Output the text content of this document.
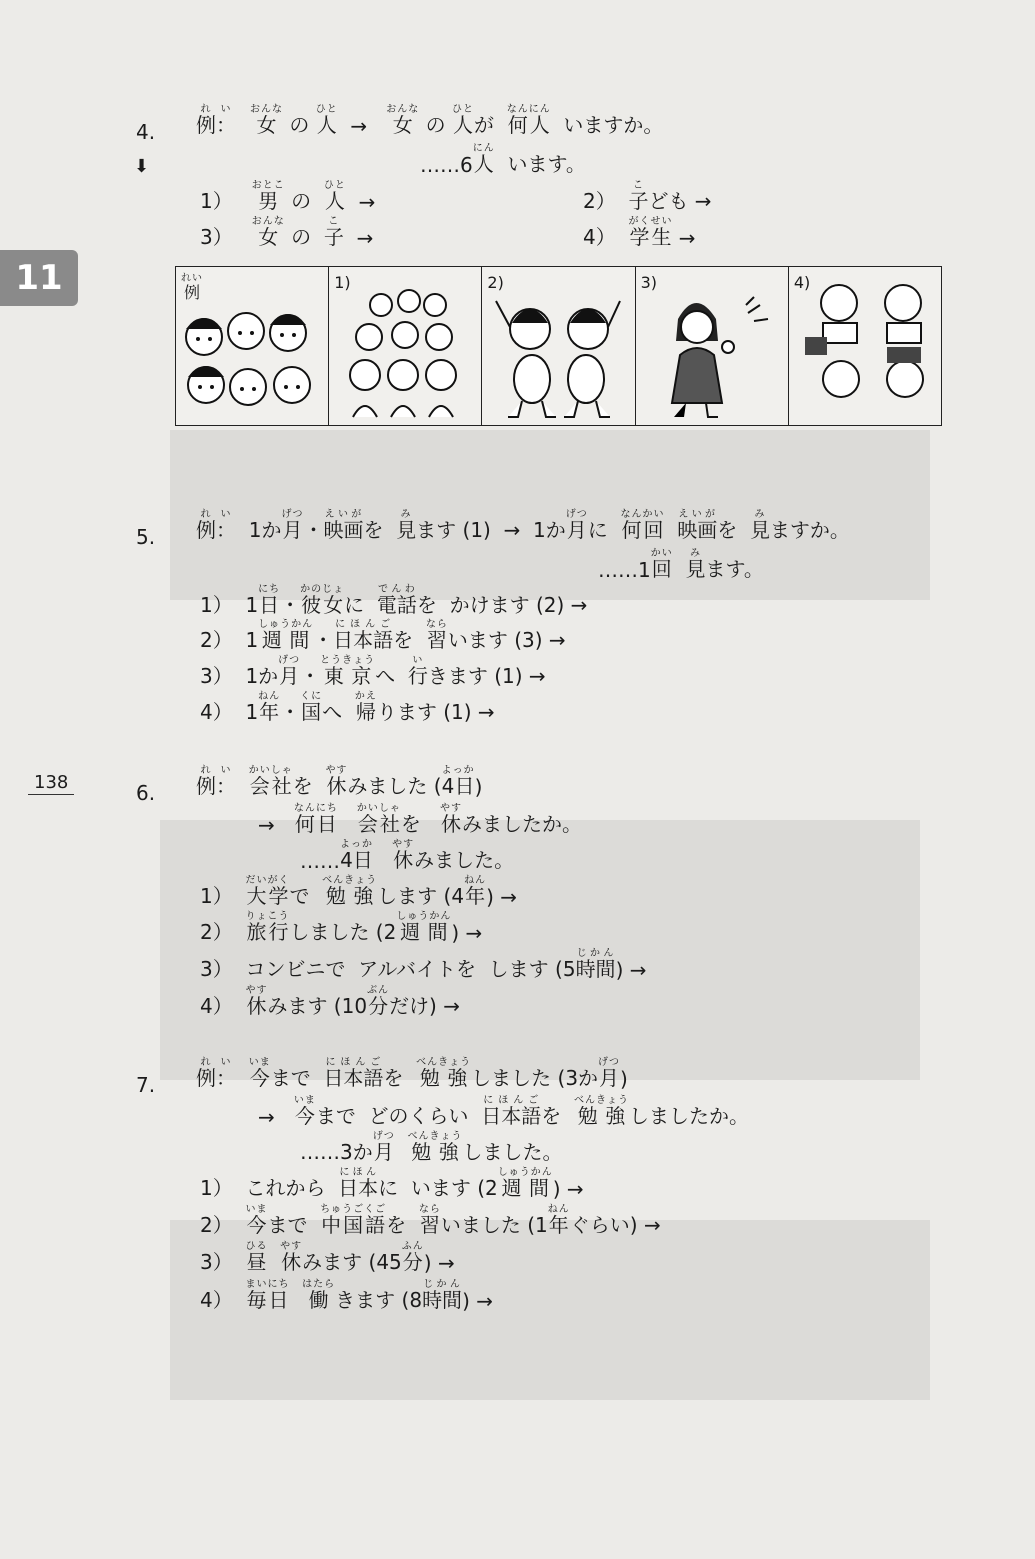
11
138
4. 例：れい
女おんな
の 人ひと
→ 女おんな
の 人ひと
が 何人なんにん
いますか。
⬇	……6 人にん
います。
1） 男おとこ
の 人ひと
→	2） 子こ
ども →
3） 女おんな
の 子こ
→	4） 学生がくせい
→
例れい	1)	2)	3)	4)
5. 例：れい
1か 月げつ
・ 映画えいが
を 見み
ます (1)  →  1か 月げつ
に 何回なんかい

映画えいが
を 見み
ますか。
……1 回かい

見み
ます。
1）  1 日にち
・ 彼女かのじょ
に 電話でんわ
を  かけます (2) →
2）  1 週間しゅうかん
・ 日本語にほんご
を 習なら
います (3) →
3）  1か 月げつ
・ 東京とうきょう
へ 行い
きます (1) →
4）  1 年ねん
・ 国くに
へ 帰かえ
ります (1) →
6. 例：れい

会社かいしゃ
を 休やす
みました ( 4日よっか
)
→ 何日なんにち

会社かいしゃ
を 休やす
みましたか。
…… 4日よっか

休やす
みました。
1） 大学だいがく
で 勉強べんきょう
します (4 年ねん
) →
2） 旅行りょこう
しました (2 週間しゅうかん
) →
3）  コンビニで  アルバイトを  します (5 時間じかん
) →
4） 休やす
みます (10 分ぶん
だけ) →
7. 例：れい

今いま
まで 日本語にほんご
を 勉強べんきょう
しました (3か 月げつ
)
→ 今いま
まで  どのくらい 日本語にほんご
を 勉強べんきょう
しましたか。
……3か 月げつ

勉強べんきょう
しました。
1）  これから 日本にほん
に  います (2 週間しゅうかん
) →
2） 今いま
まで 中国語ちゅうごくご
を 習なら
いました (1 年ねん
ぐらい) →
3） 昼ひる

休やす
みます (45 分ふん
) →
4） 毎日まいにち

働はたら
きます (8 時間じかん
) →
